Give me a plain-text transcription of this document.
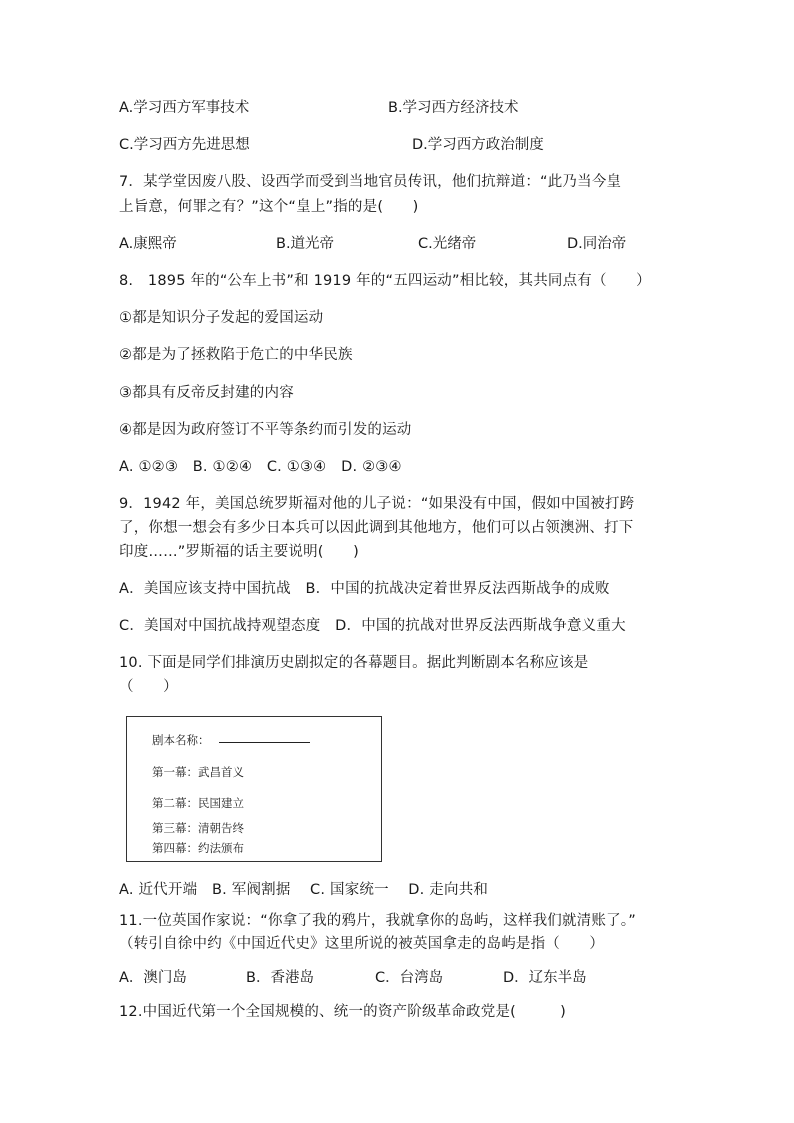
A.学习西方军事技术	B.学习西方经济技术
C.学习西方先进思想	D.学习西方政治制度
7．某学堂因废八股、设西学而受到当地官员传讯，他们抗辩道：“此乃当今皇
上旨意，何罪之有？”这个“皇上”指的是(　　)
A.康熙帝	B.道光帝	C.光绪帝	D.同治帝
8.　1895 年的“公车上书”和 1919 年的“五四运动”相比较，其共同点有（　　）
①都是知识分子发起的爱国运动
②都是为了拯救陷于危亡的中华民族
③都具有反帝反封建的内容
④都是因为政府签订不平等条约而引发的运动
A. ①②③　B. ①②④　C. ①③④　D. ②③④
9．1942 年，美国总统罗斯福对他的儿子说：“如果没有中国，假如中国被打跨
了，你想一想会有多少日本兵可以因此调到其他地方，他们可以占领澳洲、打下
印度……”罗斯福的话主要说明(　　)
A．美国应该支持中国抗战　B．中国的抗战决定着世界反法西斯战争的成败
C．美国对中国抗战持观望态度　D．中国的抗战对世界反法西斯战争意义重大
10. 下面是同学们排演历史剧拟定的各幕题目。据此判断剧本名称应该是
（　　）
剧本名称：
第一幕：武昌首义
第二幕：民国建立
第三幕：清朝告终
第四幕：约法颁布
A. 近代开端　B. 军阀割据　 C. 国家统一　 D. 走向共和
11.一位英国作家说：“你拿了我的鸦片，我就拿你的岛屿，这样我们就清账了。”
（转引自徐中约《中国近代史》这里所说的被英国拿走的岛屿是指（　　）
A．澳门岛	B．香港岛	C．台湾岛	D．辽东半岛
12.中国近代第一个全国规模的、统一的资产阶级革命政党是(　　　)
